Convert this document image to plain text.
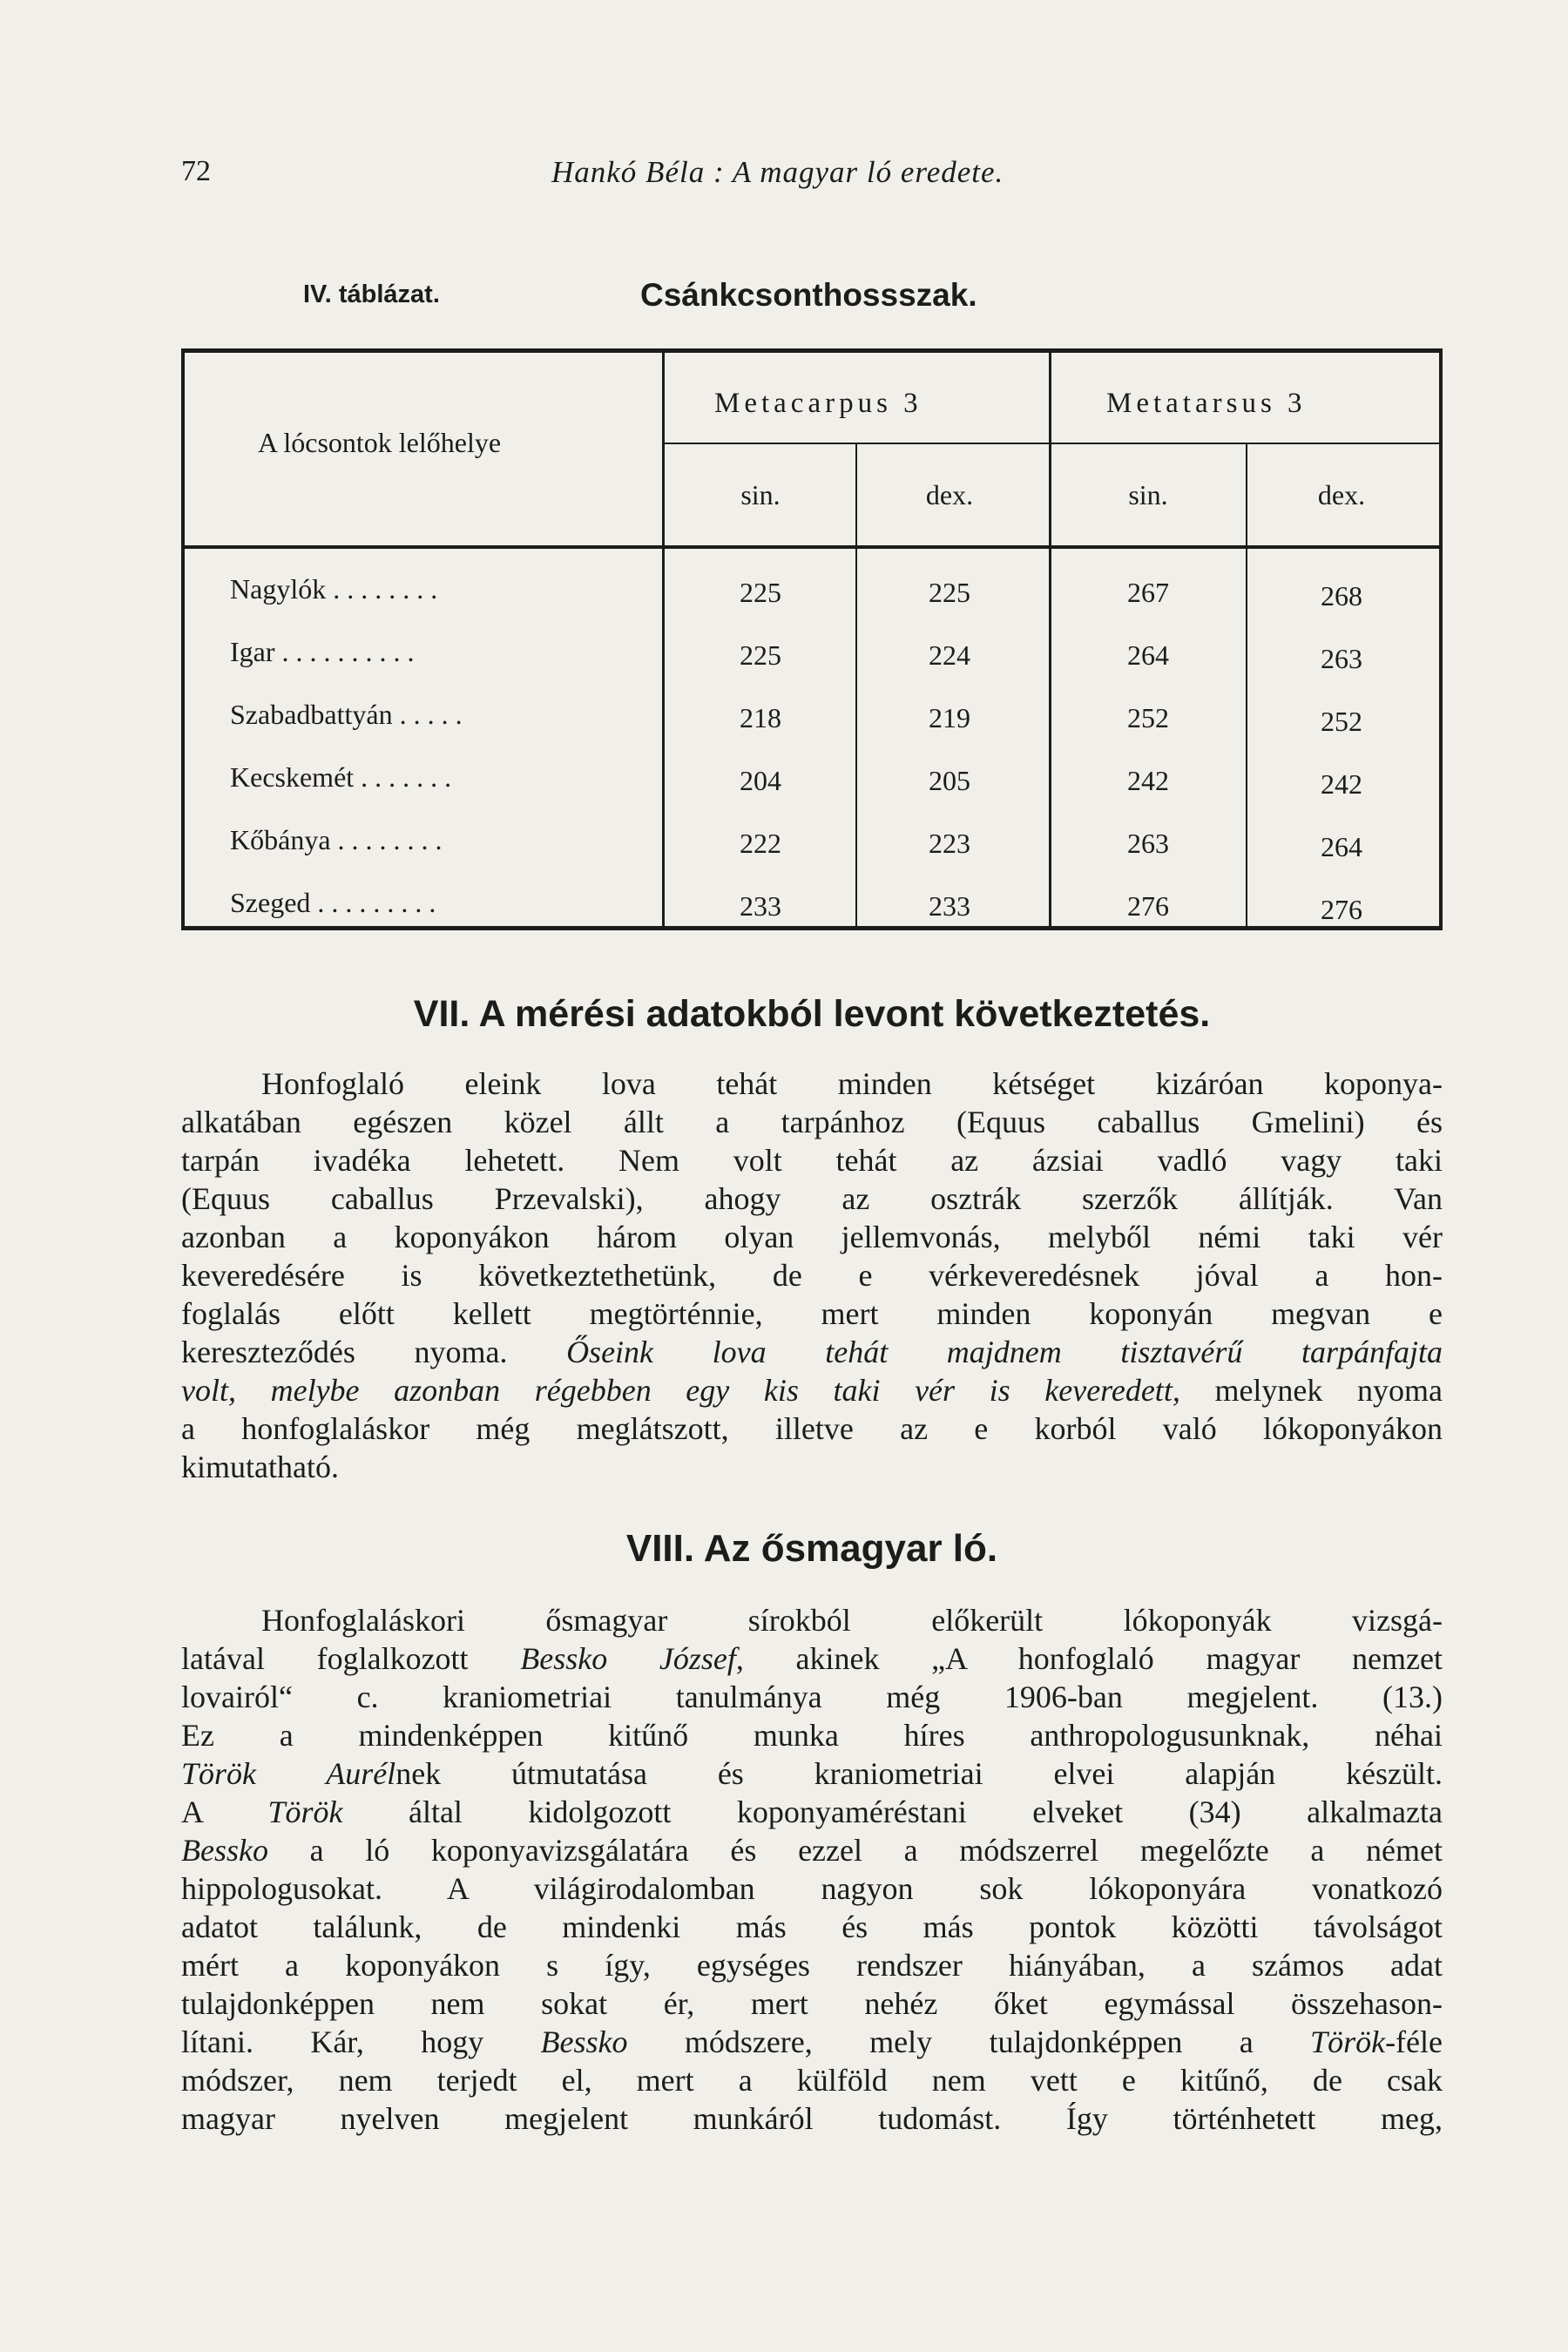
72	Hankó Béla : A magyar ló eredete.
IV. táblázat.	Csánkcsonthossszak.
A lócsontok lelőhelye
Metacarpus 3	Metatarsus 3
sin.	dex.	sin.	dex.
Nagylók . . . . . . . .	225	225	267	268
Igar . . . . . . . . . .	225	224	264	263
Szabadbattyán . . . . .	218	219	252	252
Kecskemét . . . . . . .	204	205	242	242
Kőbánya . . . . . . . .	222	223	263	264
Szeged . . . . . . . . .	233	233	276	276
VII. A mérési adatokból levont következtetés.
Honfoglaló eleink lova tehát minden kétséget kizáróan koponya-
alkatában egészen közel állt a tarpánhoz (Equus caballus Gmelini) és
tarpán ivadéka lehetett. Nem volt tehát az ázsiai vadló vagy taki
(Equus caballus Przevalski), ahogy az osztrák szerzők állítják. Van
azonban a koponyákon három olyan jellemvonás, melyből némi taki vér
keveredésére is következtethetünk, de e vérkeveredésnek jóval a hon-
foglalás előtt kellett megtörténnie, mert minden koponyán megvan e
kereszteződés nyoma. Őseink lova tehát majdnem tisztavérű tarpánfajta
volt, melybe azonban régebben egy kis taki vér is keveredett, melynek nyoma
a honfoglaláskor még meglátszott, illetve az e korból való lókoponyákon
kimutatható.
VIII. Az ősmagyar ló.
Honfoglaláskori ősmagyar sírokból előkerült lókoponyák vizsgá-
latával foglalkozott Bessko József, akinek „A honfoglaló magyar nemzet
lovairól“ c. kraniometriai tanulmánya még 1906-ban megjelent. (13.)
Ez a mindenképpen kitűnő munka híres anthropologusunknak, néhai
Török Aurélnek útmutatása és kraniometriai elvei alapján készült.
A Török által kidolgozott koponyaméréstani elveket (34) alkalmazta
Bessko a ló koponyavizsgálatára és ezzel a módszerrel megelőzte a német
hippologusokat. A világirodalomban nagyon sok lókoponyára vonatkozó
adatot találunk, de mindenki más és más pontok közötti távolságot
mért a koponyákon s így, egységes rendszer hiányában, a számos adat
tulajdonképpen nem sokat ér, mert nehéz őket egymással összehason-
lítani. Kár, hogy Bessko módszere, mely tulajdonképpen a Török-féle
módszer, nem terjedt el, mert a külföld nem vett e kitűnő, de csak
magyar nyelven megjelent munkáról tudomást. Így történhetett meg,
